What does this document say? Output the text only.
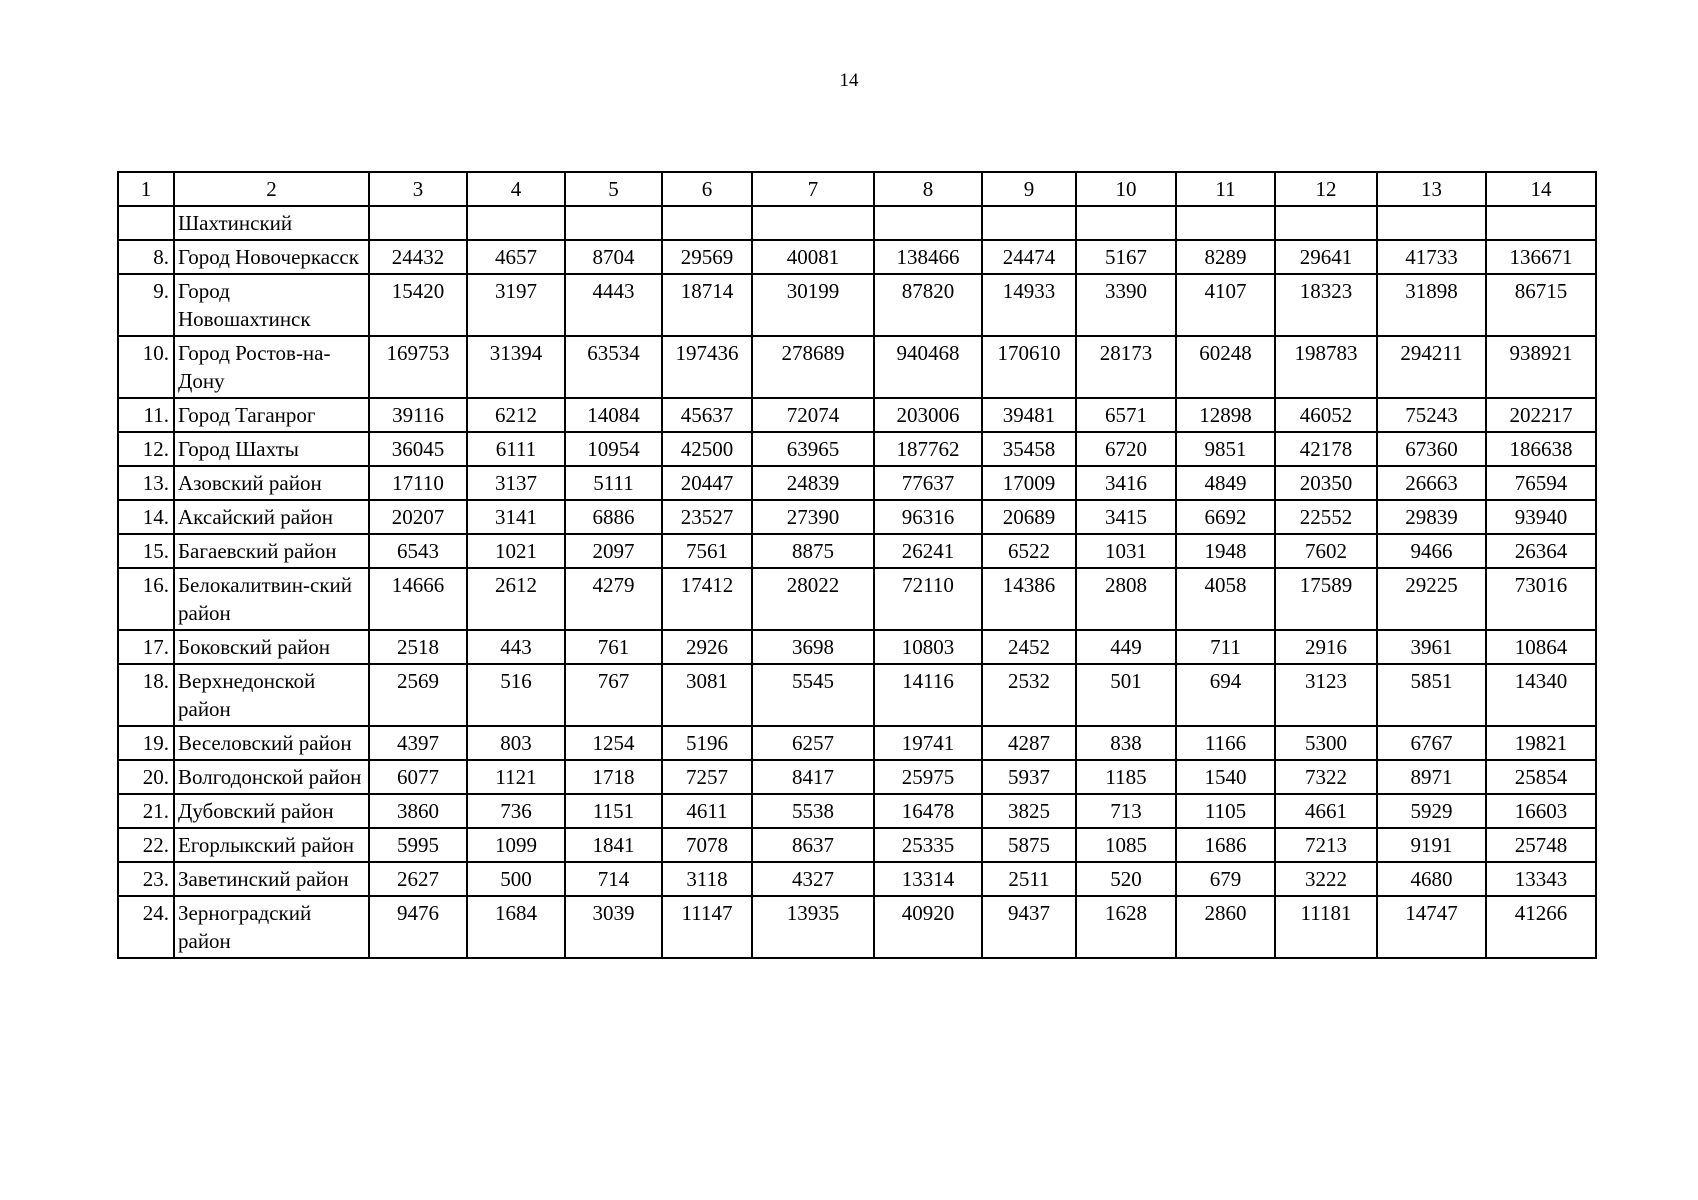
14
1	2	3	4	5	6	7	8	9	10	11	12	13	14
	Шахтинский												
8.	Город Новочеркасск	24432	4657	8704	29569	40081	138466	24474	5167	8289	29641	41733	136671
9.	Город Новошахтинск	15420	3197	4443	18714	30199	87820	14933	3390	4107	18323	31898	86715
10.	Город Ростов-на-Дону	169753	31394	63534	197436	278689	940468	170610	28173	60248	198783	294211	938921
11.	Город Таганрог	39116	6212	14084	45637	72074	203006	39481	6571	12898	46052	75243	202217
12.	Город Шахты	36045	6111	10954	42500	63965	187762	35458	6720	9851	42178	67360	186638
13.	Азовский район	17110	3137	5111	20447	24839	77637	17009	3416	4849	20350	26663	76594
14.	Аксайский район	20207	3141	6886	23527	27390	96316	20689	3415	6692	22552	29839	93940
15.	Багаевский район	6543	1021	2097	7561	8875	26241	6522	1031	1948	7602	9466	26364
16.	Белокалитвин-ский район	14666	2612	4279	17412	28022	72110	14386	2808	4058	17589	29225	73016
17.	Боковский район	2518	443	761	2926	3698	10803	2452	449	711	2916	3961	10864
18.	Верхнедонской район	2569	516	767	3081	5545	14116	2532	501	694	3123	5851	14340
19.	Веселовский район	4397	803	1254	5196	6257	19741	4287	838	1166	5300	6767	19821
20.	Волгодонской район	6077	1121	1718	7257	8417	25975	5937	1185	1540	7322	8971	25854
21.	Дубовский район	3860	736	1151	4611	5538	16478	3825	713	1105	4661	5929	16603
22.	Егорлыкский район	5995	1099	1841	7078	8637	25335	5875	1085	1686	7213	9191	25748
23.	Заветинский район	2627	500	714	3118	4327	13314	2511	520	679	3222	4680	13343
24.	Зерноградский район	9476	1684	3039	11147	13935	40920	9437	1628	2860	11181	14747	41266
